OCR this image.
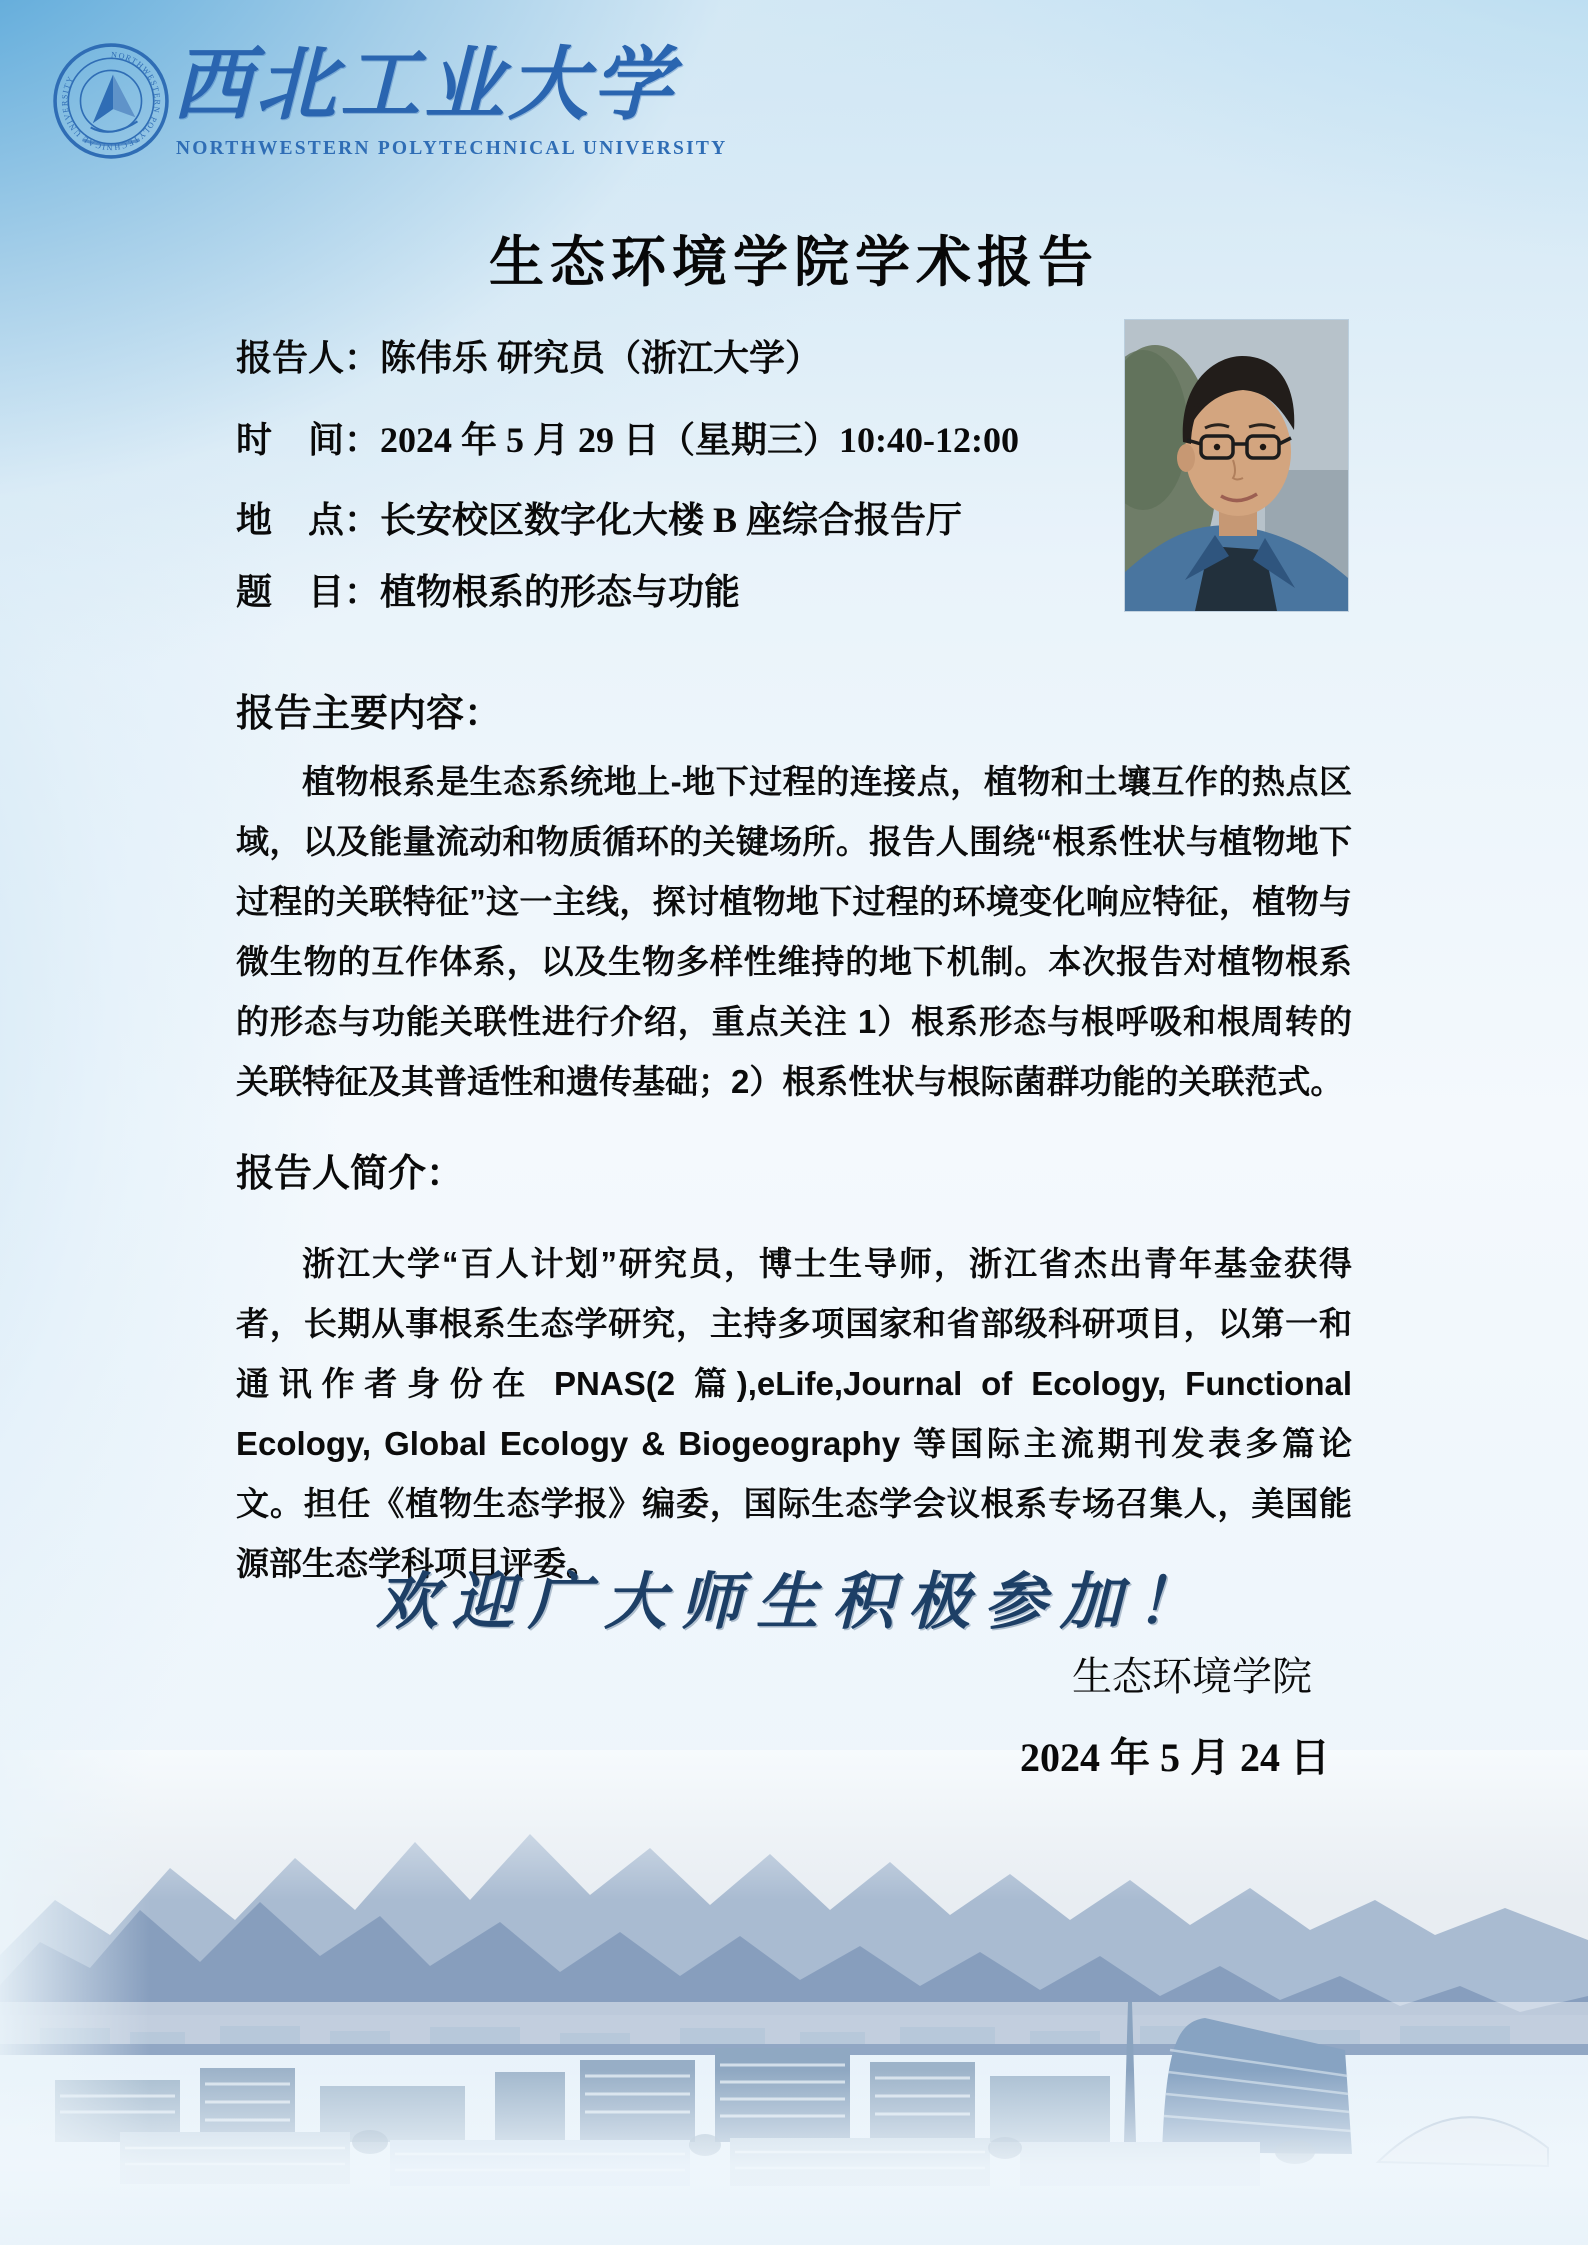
NORTHWESTERN POLYTECHNICAL UNIVERSITY	西北工业大学
NORTHWESTERN POLYTECHNICAL UNIVERSITY
生态环境学院学术报告
报告人：陈伟乐 研究员（浙江大学）
时　间：2024 年 5 月 29 日（星期三）10:40-12:00
地　点：长安校区数字化大楼 B 座综合报告厅
题　目：植物根系的形态与功能
报告主要内容：
植物根系是生态系统地上-地下过程的连接点，植物和土壤互作的热点区域，以及能量流动和物质循环的关键场所。报告人围绕“根系性状与植物地下过程的关联特征”这一主线，探讨植物地下过程的环境变化响应特征，植物与微生物的互作体系，以及生物多样性维持的地下机制。本次报告对植物根系的形态与功能关联性进行介绍，重点关注 1）根系形态与根呼吸和根周转的关联特征及其普适性和遗传基础；2）根系性状与根际菌群功能的关联范式。
报告人简介：
浙江大学“百人计划”研究员，博士生导师，浙江省杰出青年基金获得者，长期从事根系生态学研究，主持多项国家和省部级科研项目，以第一和通讯作者身份在 PNAS(2 篇),eLife,Journal of Ecology, Functional Ecology, Global Ecology & Biogeography 等国际主流期刊发表多篇论文。担任《植物生态学报》编委，国际生态学会议根系专场召集人，美国能源部生态学科项目评委。
欢迎广大师生积极参加！
生态环境学院
2024 年 5 月 24 日
